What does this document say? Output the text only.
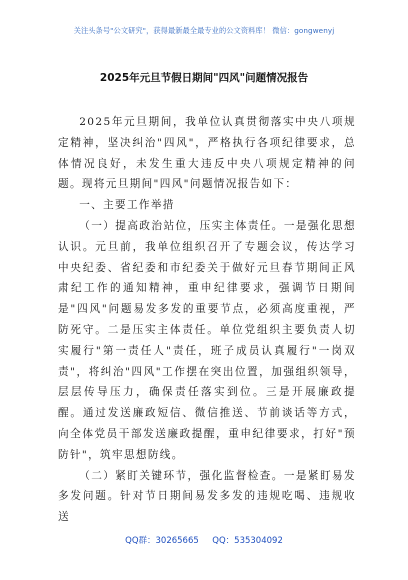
关注头条号"公文研究"，获得最新最全最专业的公文资料库！ 微信：gongwenyj
2025年元旦节假日期间"四风"问题情况报告

2025年元旦期间，我单位认真贯彻落实中央八项规定精神，坚决纠治"四风"，严格执行各项纪律要求，总体情况良好，未发生重大违反中央八项规定精神的问题。现将元旦期间"四风"问题情况报告如下：

一、主要工作举措

（一）提高政治站位，压实主体责任。一是强化思想认识。元旦前，我单位组织召开了专题会议，传达学习中央纪委、省纪委和市纪委关于做好元旦春节期间正风肃纪工作的通知精神，重申纪律要求，强调节日期间是"四风"问题易发多发的重要节点，必须高度重视，严防死守。二是压实主体责任。单位党组织主要负责人切实履行"第一责任人"责任，班子成员认真履行"一岗双责"，将纠治"四风"工作摆在突出位置，加强组织领导，层层传导压力，确保责任落实到位。三是开展廉政提醒。通过发送廉政短信、微信推送、节前谈话等方式，向全体党员干部发送廉政提醒，重申纪律要求，打好"预防针"，筑牢思想防线。

（二）紧盯关键环节，强化监督检查。一是紧盯易发多发问题。针对节日期间易发多发的违规吃喝、违规收送

QQ群：30265665     QQ：535304092
